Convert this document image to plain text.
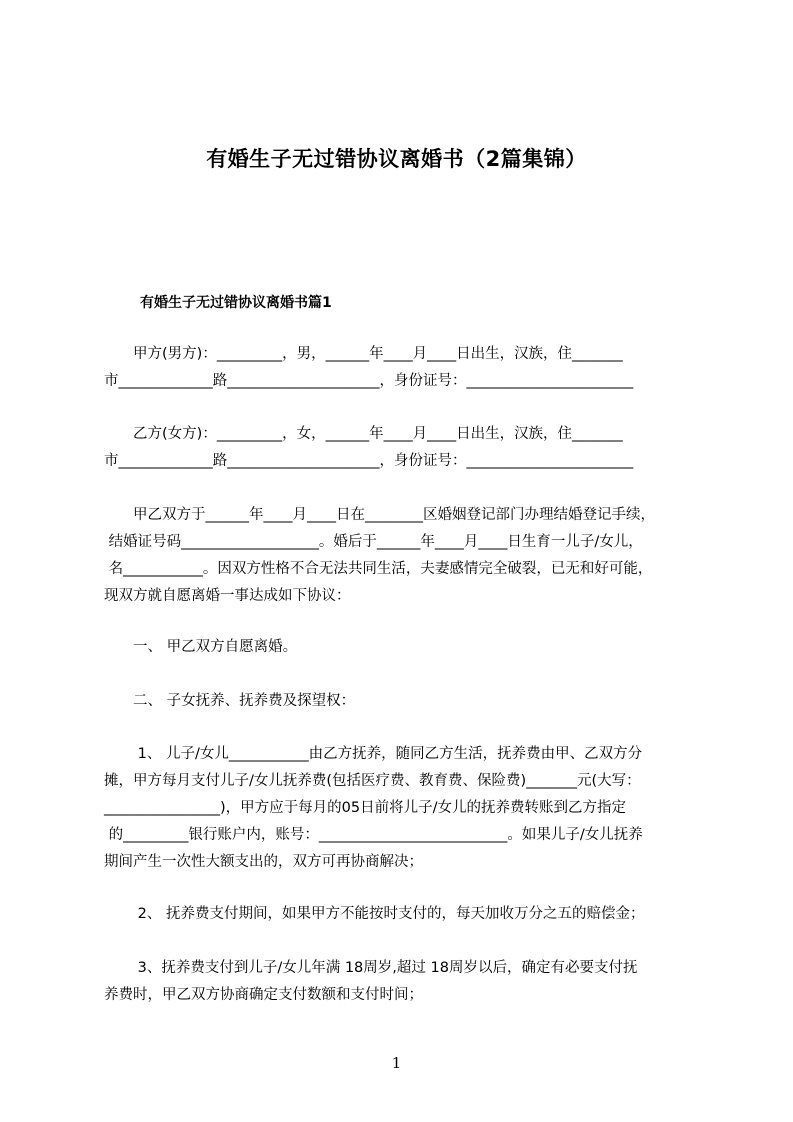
有婚生子无过错协议离婚书（2篇集锦）
有婚生子无过错协议离婚书篇1
　　甲方(男方)：_________，男，______年____月____日出生，汉族，住_______
市_____________路_____________________，身份证号：_______________________
　　乙方(女方)：_________，女，______年____月____日出生，汉族，住_______
市_____________路_____________________，身份证号：_______________________
　　甲乙双方于______年____月____日在________区婚姻登记部门办理结婚登记手续，
结婚证号码___________________。婚后于______年____月____日生育一儿子/女儿，
名___________。因双方性格不合无法共同生活，夫妻感情完全破裂，已无和好可能，
现双方就自愿离婚一事达成如下协议：
　　一、 甲乙双方自愿离婚。
　　二、 子女抚养、抚养费及探望权：
　　 1、 儿子/女儿___________由乙方抚养，随同乙方生活，抚养费由甲、乙双方分
摊，甲方每月支付儿子/女儿抚养费(包括医疗费、教育费、保险费)_______元(大写：
________________)，甲方应于每月的05日前将儿子/女儿的抚养费转账到乙方指定
的_________银行账户内，账号：__________________________。如果儿子/女儿抚养
期间产生一次性大额支出的，双方可再协商解决；
　　 2、 抚养费支付期间，如果甲方不能按时支付的，每天加收万分之五的赔偿金；
　　 3、抚养费支付到儿子/女儿年满 18周岁,超过 18周岁以后，确定有必要支付抚
养费时，甲乙双方协商确定支付数额和支付时间；
1
